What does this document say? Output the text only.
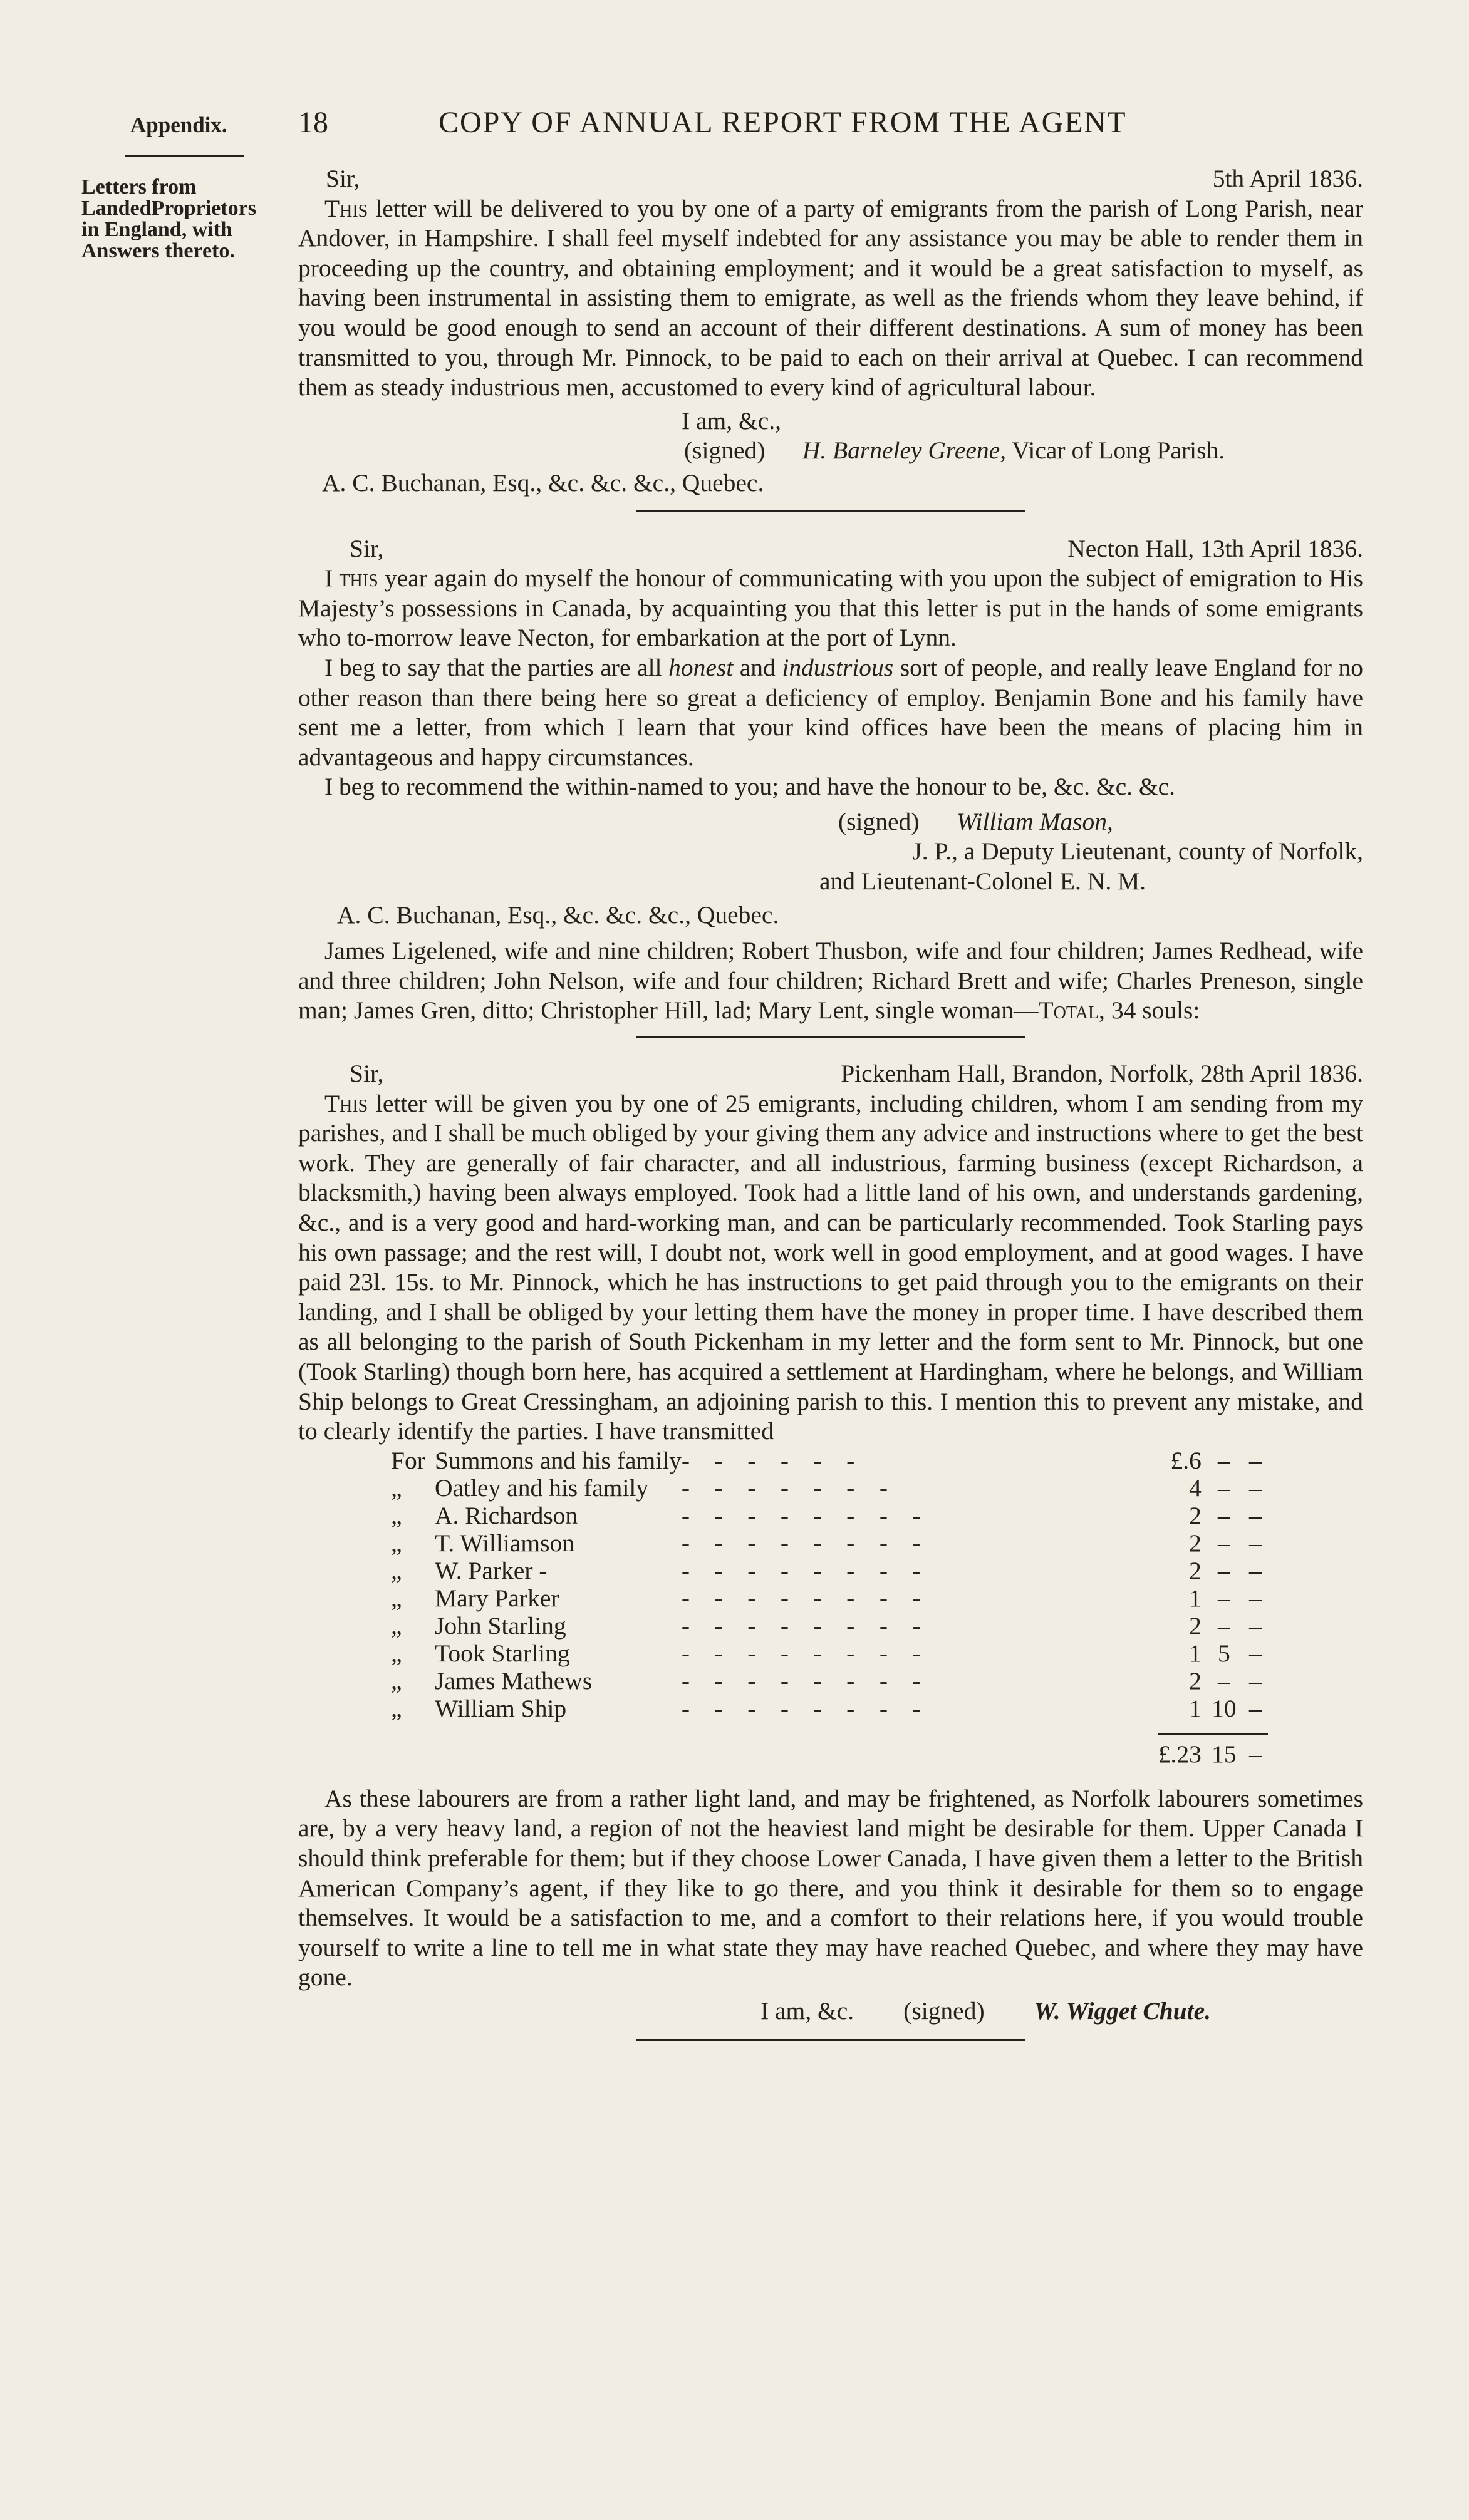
Appendix. 18	COPY OF ANNUAL REPORT FROM THE AGENT
Letters from
LandedProprietors
in England, with
Answers thereto.
Sir,	5th April 1836.

This letter will be delivered to you by one of a party of emigrants from the parish of Long Parish, near Andover, in Hampshire. I shall feel myself indebted for any assistance you may be able to render them in proceeding up the country, and obtaining employment; and it would be a great satisfaction to myself, as having been instrumental in assisting them to emigrate, as well as the friends whom they leave behind, if you would be good enough to send an account of their different destinations. A sum of money has been transmitted to you, through Mr. Pinnock, to be paid to each on their arrival at Quebec. I can recommend them as steady industrious men, accustomed to every kind of agricultural labour.

I am, &c.,
(signed) H. Barneley Greene, Vicar of Long Parish.
A. C. Buchanan, Esq., &c. &c. &c., Quebec.
Sir,	Necton Hall, 13th April 1836.

I this year again do myself the honour of communicating with you upon the subject of emigration to His Majesty’s possessions in Canada, by acquainting you that this letter is put in the hands of some emigrants who to-morrow leave Necton, for embarkation at the port of Lynn.

I beg to say that the parties are all honest and industrious sort of people, and really leave England for no other reason than there being here so great a deficiency of employ. Benjamin Bone and his family have sent me a letter, from which I learn that your kind offices have been the means of placing him in advantageous and happy circumstances.

I beg to recommend the within-named to you; and have the honour to be, &c. &c. &c.

(signed) William Mason,
J. P., a Deputy Lieutenant, county of Norfolk,
and Lieutenant-Colonel E. N. M.
A. C. Buchanan, Esq., &c. &c. &c., Quebec.

James Ligelened, wife and nine children; Robert Thusbon, wife and four children; James Redhead, wife and three children; John Nelson, wife and four children; Richard Brett and wife; Charles Preneson, single man; James Gren, ditto; Christopher Hill, lad; Mary Lent, single woman—Total, 34 souls:

Sir,	Pickenham Hall, Brandon, Norfolk, 28th April 1836.

This letter will be given you by one of 25 emigrants, including children, whom I am sending from my parishes, and I shall be much obliged by your giving them any advice and instructions where to get the best work. They are generally of fair character, and all industrious, farming business (except Richardson, a blacksmith,) having been always employed. Took had a little land of his own, and understands gardening, &c., and is a very good and hard-working man, and can be particularly recommended. Took Starling pays his own passage; and the rest will, I doubt not, work well in good employment, and at good wages. I have paid 23l. 15s. to Mr. Pinnock, which he has instructions to get paid through you to the emigrants on their landing, and I shall be obliged by your letting them have the money in proper time. I have described them as all belonging to the parish of South Pickenham in my letter and the form sent to Mr. Pinnock, but one (Took Starling) though born here, has acquired a settlement at Hardingham, where he belongs, and William Ship belongs to Great Cressingham, an adjoining parish to this. I mention this to prevent any mistake, and to clearly identify the parties. I have transmitted

For	Summons and his family	-    -    -    -    -    -	£.6	–	–
„	Oatley and his family	-    -    -    -    -    -    -	4	–	–
„	A. Richardson	-    -    -    -    -    -    -    -	2	–	–
„	T. Williamson	-    -    -    -    -    -    -    -	2	–	–
„	W. Parker -	-    -    -    -    -    -    -    -	2	–	–
„	Mary Parker	-    -    -    -    -    -    -    -	1	–	–
„	John Starling	-    -    -    -    -    -    -    -	2	–	–
„	Took Starling	-    -    -    -    -    -    -    -	1	5	–
„	James Mathews	-    -    -    -    -    -    -    -	2	–	–
„	William Ship	-    -    -    -    -    -    -    -	1	10	–

			£.23	15	–

As these labourers are from a rather light land, and may be frightened, as Norfolk labourers sometimes are, by a very heavy land, a region of not the heaviest land might be desirable for them. Upper Canada I should think preferable for them; but if they choose Lower Canada, I have given them a letter to the British American Company’s agent, if they like to go there, and you think it desirable for them so to engage themselves. It would be a satisfaction to me, and a comfort to their relations here, if you would trouble yourself to write a line to tell me in what state they may have reached Quebec, and where they may have gone.

I am, &c. (signed) W. Wigget Chute.
